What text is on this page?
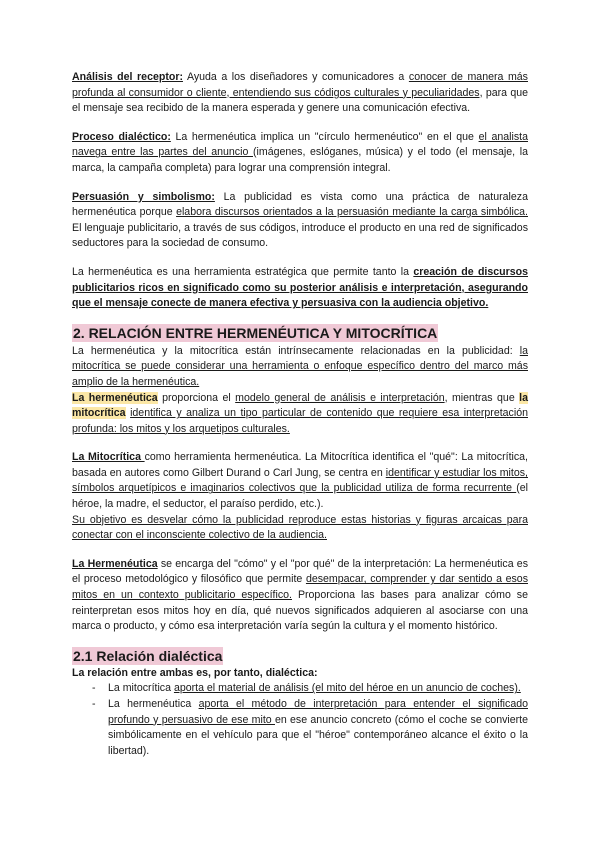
Análisis del receptor: Ayuda a los diseñadores y comunicadores a conocer de manera más profunda al consumidor o cliente, entendiendo sus códigos culturales y peculiaridades, para que el mensaje sea recibido de la manera esperada y genere una comunicación efectiva.

Proceso dialéctico: La hermenéutica implica un "círculo hermenéutico" en el que el analista navega entre las partes del anuncio (imágenes, eslóganes, música) y el todo (el mensaje, la marca, la campaña completa) para lograr una comprensión integral.

Persuasión y simbolismo: La publicidad es vista como una práctica de naturaleza hermenéutica porque elabora discursos orientados a la persuasión mediante la carga simbólica. El lenguaje publicitario, a través de sus códigos, introduce el producto en una red de significados seductores para la sociedad de consumo.

La hermenéutica es una herramienta estratégica que permite tanto la creación de discursos publicitarios ricos en significado como su posterior análisis e interpretación, asegurando que el mensaje conecte de manera efectiva y persuasiva con la audiencia objetivo.

2. RELACIÓN ENTRE HERMENÉUTICA Y MITOCRÍTICA

La hermenéutica y la mitocrítica están intrínsecamente relacionadas en la publicidad: la mitocrítica se puede considerar una herramienta o enfoque específico dentro del marco más amplio de la hermenéutica.

La hermenéutica proporciona el modelo general de análisis e interpretación, mientras que la mitocrítica identifica y analiza un tipo particular de contenido que requiere esa interpretación profunda: los mitos y los arquetipos culturales.

La Mitocrítica como herramienta hermenéutica. La Mitocrítica identifica el "qué": La mitocrítica, basada en autores como Gilbert Durand o Carl Jung, se centra en identificar y estudiar los mitos, símbolos arquetípicos e imaginarios colectivos que la publicidad utiliza de forma recurrente (el héroe, la madre, el seductor, el paraíso perdido, etc.).
Su objetivo es desvelar cómo la publicidad reproduce estas historias y figuras arcaicas para conectar con el inconsciente colectivo de la audiencia.

La Hermenéutica se encarga del "cómo" y el "por qué" de la interpretación: La hermenéutica es el proceso metodológico y filosófico que permite desempacar, comprender y dar sentido a esos mitos en un contexto publicitario específico. Proporciona las bases para analizar cómo se reinterpretan esos mitos hoy en día, qué nuevos significados adquieren al asociarse con una marca o producto, y cómo esa interpretación varía según la cultura y el momento histórico.

2.1 Relación dialéctica

La relación entre ambas es, por tanto, dialéctica:

- La mitocrítica aporta el material de análisis (el mito del héroe en un anuncio de coches).
- La hermenéutica aporta el método de interpretación para entender el significado profundo y persuasivo de ese mito en ese anuncio concreto (cómo el coche se convierte simbólicamente en el vehículo para que el "héroe" contemporáneo alcance el éxito o la libertad).
